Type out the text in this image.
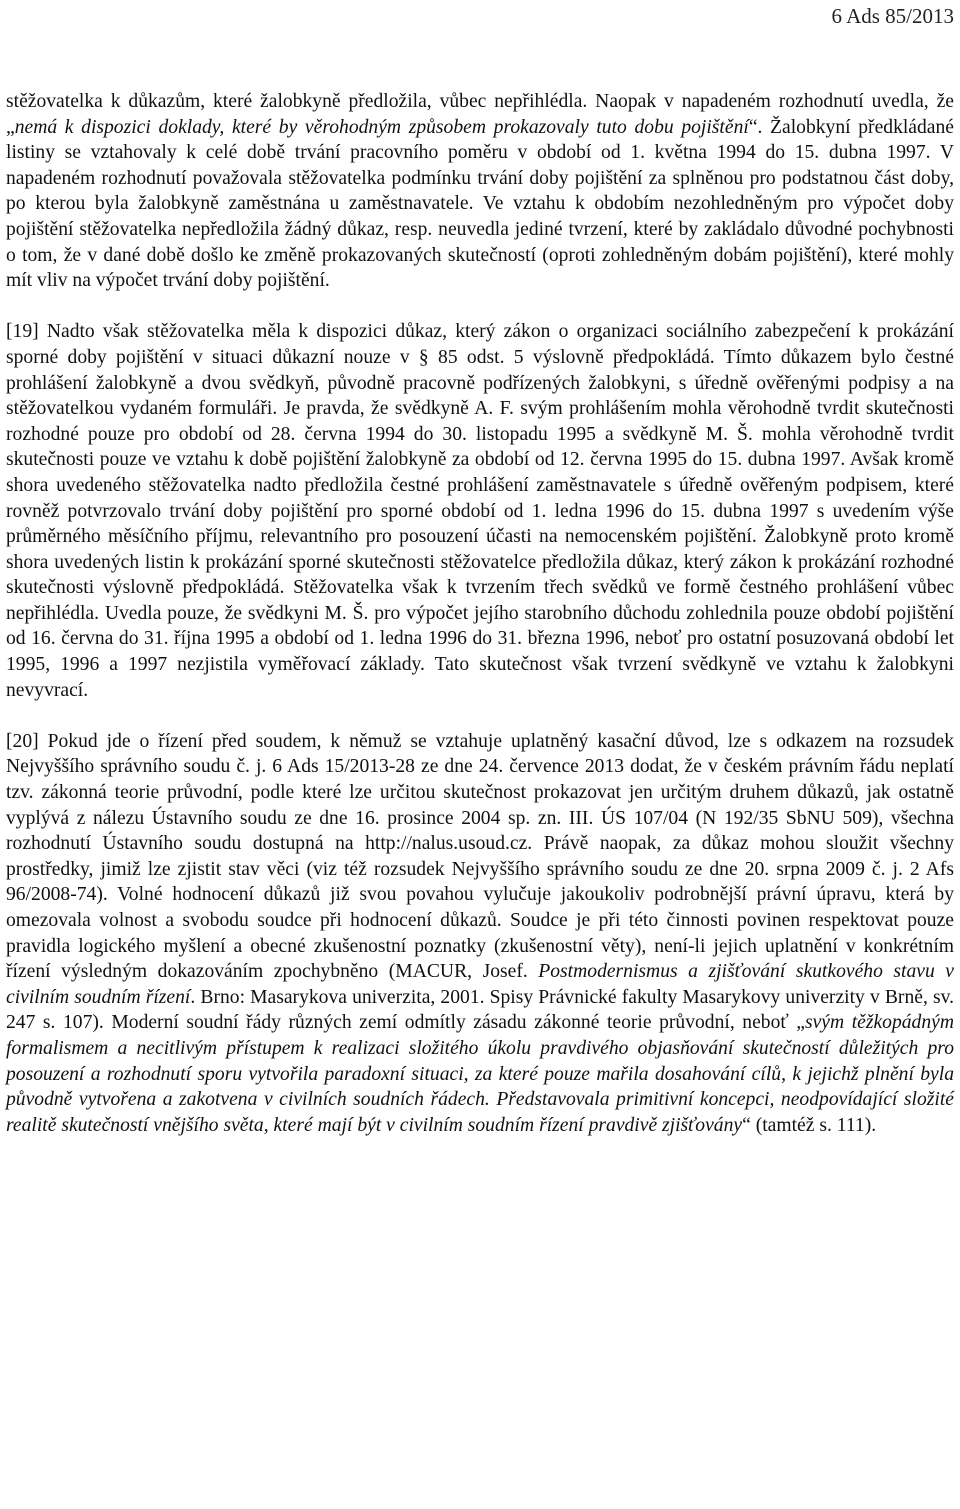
6 Ads 85/2013

stěžovatelka k důkazům, které žalobkyně předložila, vůbec nepřihlédla. Naopak v napadeném rozhodnutí uvedla, že „nemá k dispozici doklady, které by věrohodným způsobem prokazovaly tuto dobu pojištění“. Žalobkyní předkládané listiny se vztahovaly k celé době trvání pracovního poměru v období od 1. května 1994 do 15. dubna 1997. V napadeném rozhodnutí považovala stěžovatelka podmínku trvání doby pojištění za splněnou pro podstatnou část doby, po kterou byla žalobkyně zaměstnána u zaměstnavatele. Ve vztahu k obdobím nezohledněným pro výpočet doby pojištění stěžovatelka nepředložila žádný důkaz, resp. neuvedla jediné tvrzení, které by zakládalo důvodné pochybnosti o tom, že v dané době došlo ke změně prokazovaných skutečností (oproti zohledněným dobám pojištění), které mohly mít vliv na výpočet trvání doby pojištění.

[19] Nadto však stěžovatelka měla k dispozici důkaz, který zákon o organizaci sociálního zabezpečení k prokázání sporné doby pojištění v situaci důkazní nouze v § 85 odst. 5 výslovně předpokládá. Tímto důkazem bylo čestné prohlášení žalobkyně a dvou svědkyň, původně pracovně podřízených žalobkyni, s úředně ověřenými podpisy a na stěžovatelkou vydaném formuláři. Je pravda, že svědkyně A. F. svým prohlášením mohla věrohodně tvrdit skutečnosti rozhodné pouze pro období od 28. června 1994 do 30. listopadu 1995 a svědkyně M. Š. mohla věrohodně tvrdit skutečnosti pouze ve vztahu k době pojištění žalobkyně za období od 12. června 1995 do 15. dubna 1997. Avšak kromě shora uvedeného stěžovatelka nadto předložila čestné prohlášení zaměstnavatele s úředně ověřeným podpisem, které rovněž potvrzovalo trvání doby pojištění pro sporné období od 1. ledna 1996 do 15. dubna 1997 s uvedením výše průměrného měsíčního příjmu, relevantního pro posouzení účasti na nemocenském pojištění. Žalobkyně proto kromě shora uvedených listin k prokázání sporné skutečnosti stěžovatelce předložila důkaz, který zákon k prokázání rozhodné skutečnosti výslovně předpokládá. Stěžovatelka však k tvrzením třech svědků ve formě čestného prohlášení vůbec nepřihlédla. Uvedla pouze, že svědkyni M. Š. pro výpočet jejího starobního důchodu zohlednila pouze období pojištění od 16. června do 31. října 1995 a období od 1. ledna 1996 do 31. března 1996, neboť pro ostatní posuzovaná období let 1995, 1996 a 1997 nezjistila vyměřovací základy. Tato skutečnost však tvrzení svědkyně ve vztahu k žalobkyni nevyvrací.

[20] Pokud jde o řízení před soudem, k němuž se vztahuje uplatněný kasační důvod, lze s odkazem na rozsudek Nejvyššího správního soudu č. j. 6 Ads 15/2013-28 ze dne 24. července 2013 dodat, že v českém právním řádu neplatí tzv. zákonná teorie průvodní, podle které lze určitou skutečnost prokazovat jen určitým druhem důkazů, jak ostatně vyplývá z nálezu Ústavního soudu ze dne 16. prosince 2004 sp. zn. III. ÚS 107/04 (N 192/35 SbNU 509), všechna rozhodnutí Ústavního soudu dostupná na http://nalus.usoud.cz. Právě naopak, za důkaz mohou sloužit všechny prostředky, jimiž lze zjistit stav věci (viz též rozsudek Nejvyššího správního soudu ze dne 20. srpna 2009 č. j. 2 Afs 96/2008-74). Volné hodnocení důkazů již svou povahou vylučuje jakoukoliv podrobnější právní úpravu, která by omezovala volnost a svobodu soudce při hodnocení důkazů. Soudce je při této činnosti povinen respektovat pouze pravidla logického myšlení a obecné zkušenostní poznatky (zkušenostní věty), není-li jejich uplatnění v konkrétním řízení výsledným dokazováním zpochybněno (MACUR, Josef. Postmodernismus a zjišťování skutkového stavu v civilním soudním řízení. Brno: Masarykova univerzita, 2001. Spisy Právnické fakulty Masarykovy univerzity v Brně, sv. 247 s. 107). Moderní soudní řády různých zemí odmítly zásadu zákonné teorie průvodní, neboť „svým těžkopádným formalismem a necitlivým přístupem k realizaci složitého úkolu pravdivého objasňování skutečností důležitých pro posouzení a rozhodnutí sporu vytvořila paradoxní situaci, za které pouze mařila dosahování cílů, k jejichž plnění byla původně vytvořena a zakotvena v civilních soudních řádech. Představovala primitivní koncepci, neodpovídající složité realitě skutečností vnějšího světa, které mají být v civilním soudním řízení pravdivě zjišťovány“ (tamtéž s. 111).
